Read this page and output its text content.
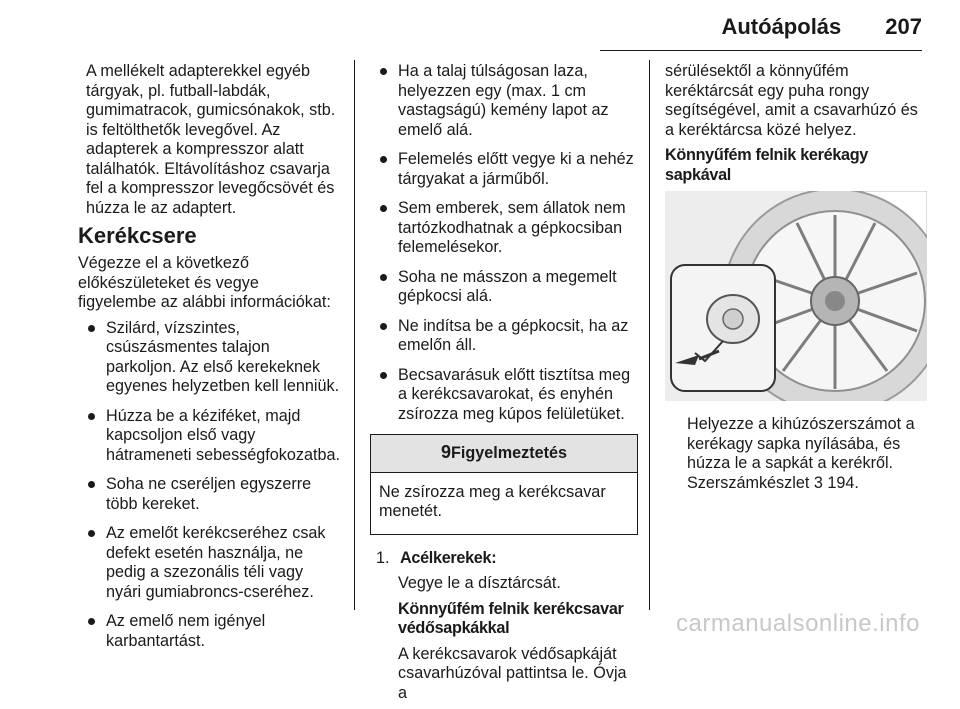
Autóápolás 207

A mellékelt adapterekkel egyéb tárgyak, pl. futball-labdák, gumimatracok, gumicsónakok, stb. is feltölthetők levegővel. Az adapterek a kompresszor alatt találhatók. Eltávolításhoz csavarja fel a kompresszor levegőcsövét és húzza le az adaptert.

Kerékcsere

Végezze el a következő előkészületeket és vegye figyelembe az alábbi információkat:

Szilárd, vízszintes, csúszásmentes talajon parkoljon. Az első kerekeknek egyenes helyzetben kell lenniük.
Húzza be a kéziféket, majd kapcsoljon első vagy hátrameneti sebességfokozatba.
Soha ne cseréljen egyszerre több kereket.
Az emelőt kerékcseréhez csak defekt esetén használja, ne pedig a szezonális téli vagy nyári gumiabroncs-cseréhez.
Az emelő nem igényel karbantartást.
Ha a talaj túlságosan laza, helyezzen egy (max. 1 cm vastagságú) kemény lapot az emelő alá.
Felemelés előtt vegye ki a nehéz tárgyakat a járműből.
Sem emberek, sem állatok nem tartózkodhatnak a gépkocsiban felemelésekor.
Soha ne másszon a megemelt gépkocsi alá.
Ne indítsa be a gépkocsit, ha az emelőn áll.
Becsavarásuk előtt tisztítsa meg a kerékcsavarokat, és enyhén zsírozza meg kúpos felületüket.
9Figyelmeztetés
Ne zsírozza meg a kerékcsavar menetét.
1. Acélkerekek:

Vegye le a dísztárcsát.

Könnyűfém felnik kerékcsavar védősapkákkal

A kerékcsavarok védősapkáját csavarhúzóval pattintsa le. Óvja a

sérülésektől a könnyűfém keréktárcsát egy puha rongy segítségével, amit a csavarhúzó és a keréktárcsa közé helyez.

Könnyűfém felnik kerékagy sapkával

Helyezze a kihúzószerszámot a kerékagy sapka nyílásába, és húzza le a sapkát a kerékről. Szerszámkészlet 3 194.

carmanualsonline.info
